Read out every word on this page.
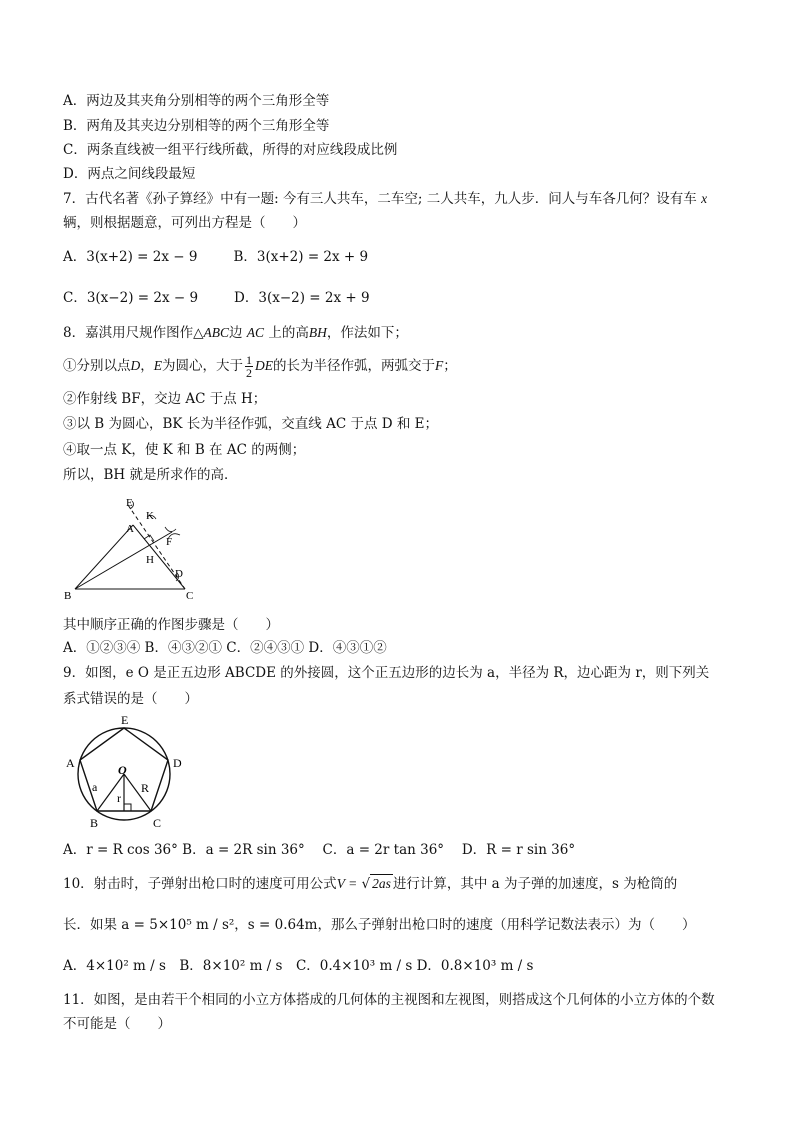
A．两边及其夹角分别相等的两个三角形全等
B．两角及其夹边分别相等的两个三角形全等
C．两条直线被一组平行线所截，所得的对应线段成比例
D．两点之间线段最短
7．古代名著《孙子算经》中有一题: 今有三人共车，二车空; 二人共车，九人步．问人与车各几何？设有车 x
辆，则根据题意，可列出方程是（　　）
A．3(x+2) = 2x − 9	B．3(x+2) = 2x + 9
C．3(x−2) = 2x − 9	D．3(x−2) = 2x + 9
8．嘉淇用尺规作图作△ABC边 AC 上的高BH，作法如下；
①分别以点D，E为圆心，大于 $\frac{1}{2}$ DE的长为半径作弧，两弧交于F；
②作射线 BF，交边 AC 于点 H；
③以 B 为圆心，BK 长为半径作弧，交直线 AC 于点 D 和 E；
④取一点 K，使 K 和 B 在 AC 的两侧；
所以，BH 就是所求作的高．
E
K
A
F
H
D
B	C
其中顺序正确的作图步骤是（　　）
A．①②③④ B．④③②① C．②④③① D．④③①②
9．如图，e O 是正五边形 ABCDE 的外接圆，这个正五边形的边长为 a，半径为 R，边心距为 r，则下列关
系式错误的是（　　）
E
A	D
O
a
r
R
B	C
A．r = R cos 36° B．a = 2R sin 36°　 C．a = 2r tan 36°　 D．R = r sin 36°
10．射击时，子弹射出枪口时的速度可用公式V = √ 2as 进行计算，其中 a 为子弹的加速度，s 为枪筒的
长．如果 a = 5×10⁵ m / s²，s = 0.64m，那么子弹射出枪口时的速度（用科学记数法表示）为（　　）
A．4×10² m / s　B．8×10² m / s　C．0.4×10³ m / s D．0.8×10³ m / s
11．如图，是由若干个相同的小立方体搭成的几何体的主视图和左视图，则搭成这个几何体的小立方体的个数
不可能是（　　）
